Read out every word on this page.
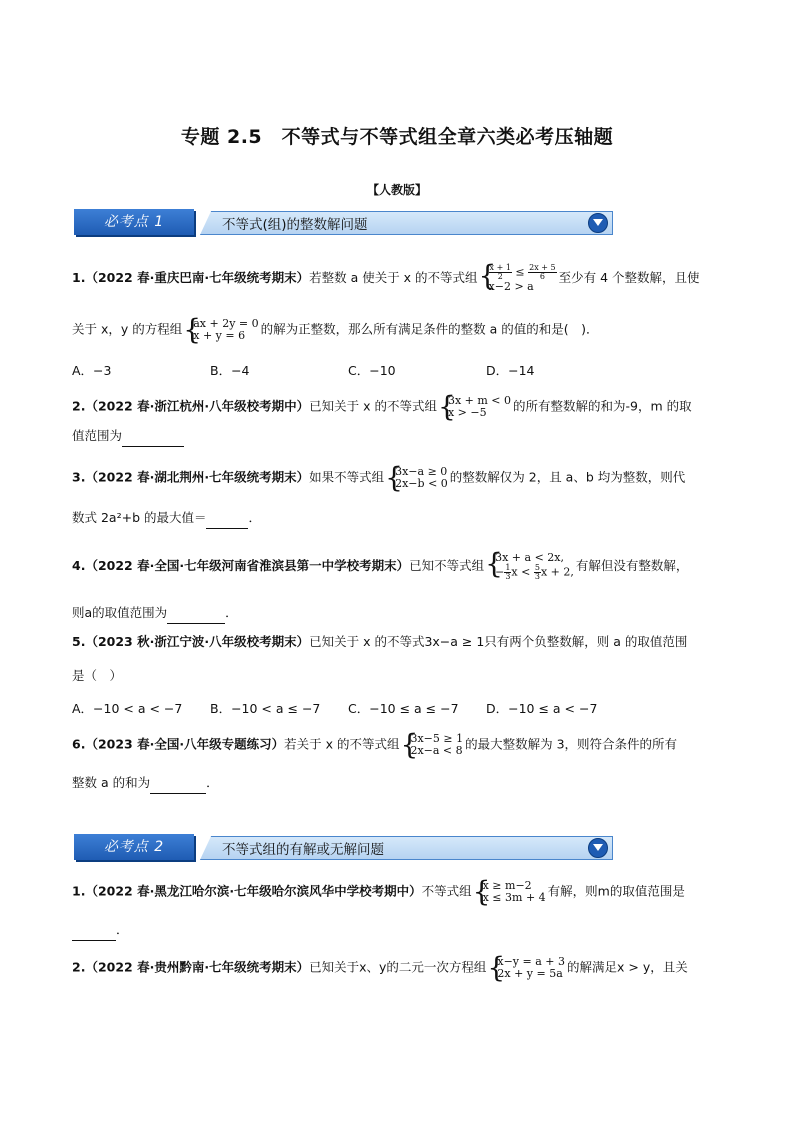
专题 2.5　不等式与不等式组全章六类必考压轴题
【人教版】
必考点 1	不等式(组)的整数解问题
1.（2022 春·重庆巴南·七年级统考期末）若整数 a 使关于 x 的不等式组 { $\frac{x + 1}{2} \le \frac{2x + 5}{6}$
x−2 > a
至少有 4 个整数解，且使
关于 x，y 的方程组 { ax + 2y = 0
x + y = 6	的解为正整数，那么所有满足条件的整数 a 的值的和是(　)．
A．−3	B．−4	C．−10	D．−14
2.（2022 春·浙江杭州·八年级校考期中）已知关于 x 的不等式组 { 3x + m < 0
x > −5	的所有整数解的和为-9，m 的取
值范围为
3.（2022 春·湖北荆州·七年级统考期末）如果不等式组 { 3x−a ≥ 0
2x−b < 0 的整数解仅为 2，且 a、b 均为整数，则代
数式 2a²+b 的最大值＝	．
4.（2022 春·全国·七年级河南省淮滨县第一中学校考期末）已知不等式组
{ 3x + a < 2x,
− $\frac{1}{3}$ $x < \frac{5}{3}$ x + 2, 有解但没有整数解，
则a的取值范围为	．
5.（2023 秋·浙江宁波·八年级校考期末）已知关于 x 的不等式3x−a ≥ 1只有两个负整数解，则 a 的取值范围
是（　）
A．−10 < a < −7 B．−10 < a ≤ −7 C．−10 ≤ a ≤ −7 D．−10 ≤ a < −7
6.（2023 春·全国·八年级专题练习）若关于 x 的不等式组 { 3x−5 ≥ 1
2x−a < 8 的最大整数解为 3，则符合条件的所有
整数 a 的和为	．
必考点 2	不等式组的有解或无解问题
1.（2022 春·黑龙江哈尔滨·七年级哈尔滨风华中学校考期中）不等式组 { x ≥ m−2
x ≤ 3m + 4 有解，则m的取值范围是
．
2.（2022 春·贵州黔南·七年级统考期末）已知关于x、y的二元一次方程组 { x−y = a + 3
2x + y = 5a 的解满足x > y，且关
